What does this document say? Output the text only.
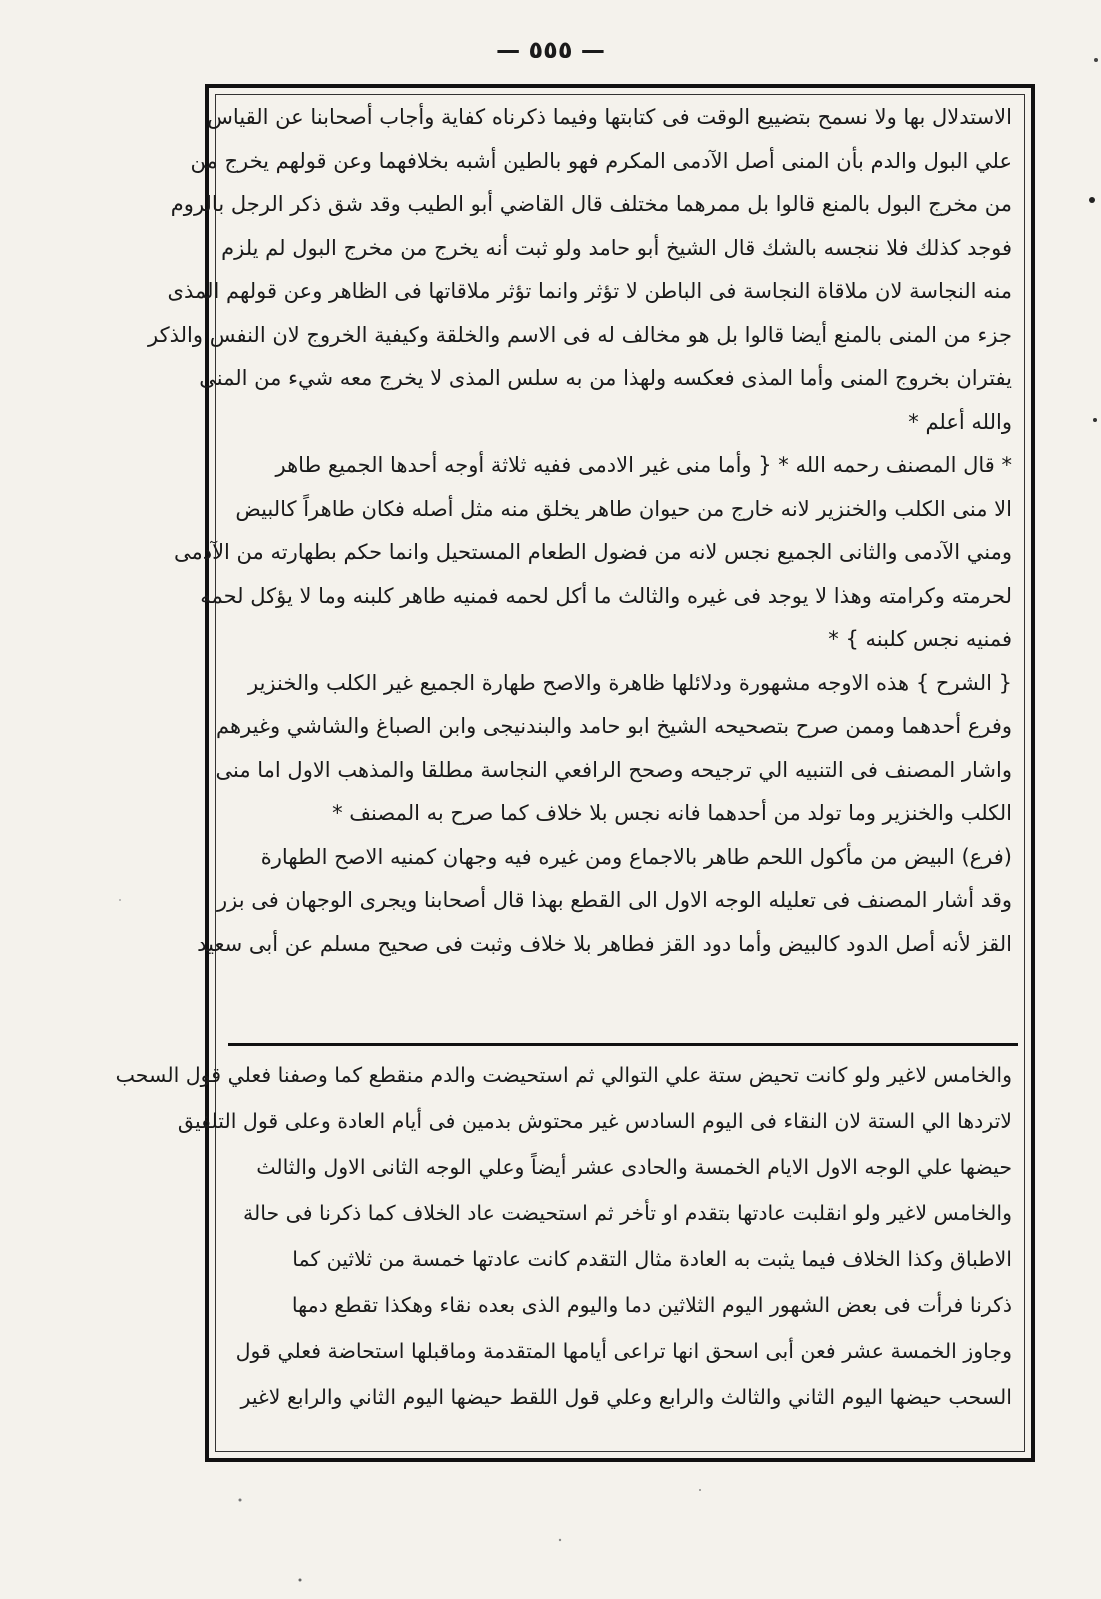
— ٥٥٥ —
الاستدلال بها ولا نسمح بتضييع الوقت فى كتابتها وفيما ذكرناه كفاية وأجاب أصحابنا عن القياس
علي البول والدم بأن المنى أصل الآدمى المكرم فهو بالطين أشبه بخلافهما وعن قولهم يخرج من
من مخرج البول بالمنع قالوا بل ممرهما مختلف قال القاضي أبو الطيب وقد شق ذكر الرجل بالروم
فوجد كذلك فلا ننجسه بالشك قال الشيخ أبو حامد ولو ثبت أنه يخرج من مخرج البول لم يلزم
منه النجاسة لان ملاقاة النجاسة فى الباطن لا تؤثر وانما تؤثر ملاقاتها فى الظاهر وعن قولهم المذى
جزء من المنى بالمنع أيضا قالوا بل هو مخالف له فى الاسم والخلقة وكيفية الخروج لان النفس والذكر
يفتران بخروج المنى وأما المذى فعكسه ولهذا من به سلس المذى لا يخرج معه شيء من المنى
والله أعلم *
* قال المصنف رحمه الله * { وأما منى غير الادمى ففيه ثلاثة أوجه أحدها الجميع طاهر
الا منى الكلب والخنزير لانه خارج من حيوان طاهر يخلق منه مثل أصله فكان طاهراً كالبيض
ومني الآدمى والثانى الجميع نجس لانه من فضول الطعام المستحيل وانما حكم بطهارته من الآدمى
لحرمته وكرامته وهذا لا يوجد فى غيره والثالث ما أكل لحمه فمنيه طاهر كلبنه وما لا يؤكل لحمه
فمنيه نجس كلبنه } *
{ الشرح } هذه الاوجه مشهورة ودلائلها ظاهرة والاصح طهارة الجميع غير الكلب والخنزير
وفرع أحدهما وممن صرح بتصحيحه الشيخ ابو حامد والبندنيجى وابن الصباغ والشاشي وغيرهم
واشار المصنف فى التنبيه الي ترجيحه وصحح الرافعي النجاسة مطلقا والمذهب الاول اما منى
الكلب والخنزير وما تولد من أحدهما فانه نجس بلا خلاف كما صرح به المصنف *
(فرع) البيض من مأكول اللحم طاهر بالاجماع ومن غيره فيه وجهان كمنيه الاصح الطهارة
وقد أشار المصنف فى تعليله الوجه الاول الى القطع بهذا قال أصحابنا ويجرى الوجهان فى بزر
القز لأنه أصل الدود كالبيض وأما دود القز فطاهر بلا خلاف وثبت فى صحيح مسلم عن أبى سعيد
والخامس لاغير ولو كانت تحيض ستة علي التوالي ثم استحيضت والدم منقطع كما وصفنا فعلي قول السحب
لاتردها الي الستة لان النقاء فى اليوم السادس غير محتوش بدمين فى أيام العادة وعلى قول التلفيق
حيضها علي الوجه الاول الايام الخمسة والحادى عشر أيضاً وعلي الوجه الثانى الاول والثالث
والخامس لاغير ولو انقلبت عادتها بتقدم او تأخر ثم استحيضت عاد الخلاف كما ذكرنا فى حالة
الاطباق وكذا الخلاف فيما يثبت به العادة مثال التقدم كانت عادتها خمسة من ثلاثين كما
ذكرنا فرأت فى بعض الشهور اليوم الثلاثين دما واليوم الذى بعده نقاء وهكذا تقطع دمها
وجاوز الخمسة عشر فعن أبى اسحق انها تراعى أيامها المتقدمة وماقبلها استحاضة فعلي قول
السحب حيضها اليوم الثاني والثالث والرابع وعلي قول اللقط حيضها اليوم الثاني والرابع لاغير
